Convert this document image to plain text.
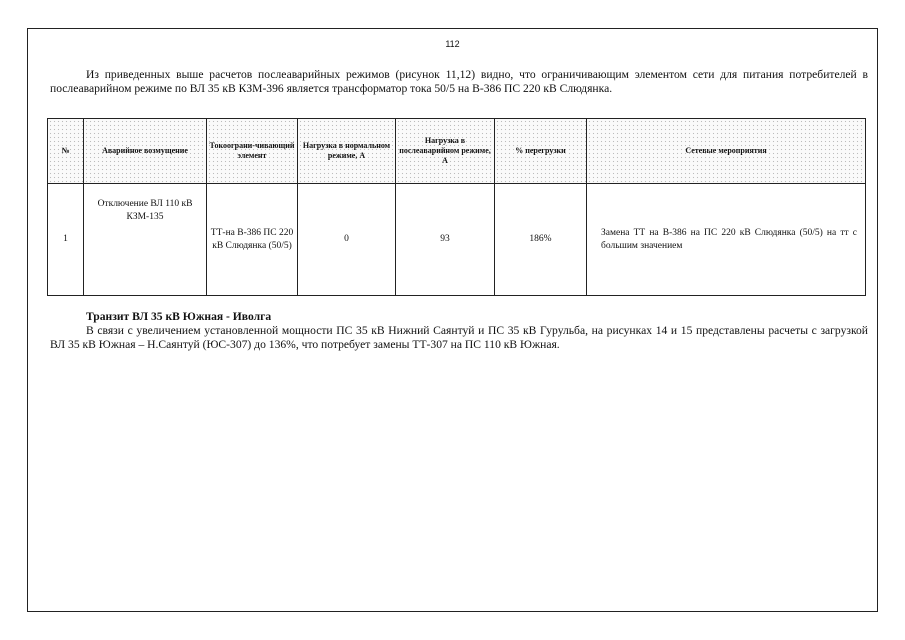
112
Из приведенных выше расчетов послеаварийных режимов (рисунок 11,12) видно, что ограничивающим элементом сети для питания потребителей в послеаварийном режиме по ВЛ 35 кВ КЗМ-396 является трансформатор тока 50/5 на В-386 ПС 220 кВ Слюдянка.
№	Аварийное возмущение	Токоограни-чивающий элемент	Нагрузка в нормальном режиме, А	Нагрузка в послеаварийном режиме, А	% перегрузки	Сетевые мероприятия
1	Отключение ВЛ 110 кВ КЗМ-135	ТТ-на В-386 ПС 220 кВ Слюдянка (50/5)	0	93	186%	Замена ТТ на В-386 на ПС 220 кВ Слюдянка (50/5) на тт с большим значением
Транзит ВЛ 35 кВ Южная - Иволга
В связи с увеличением установленной мощности ПС 35 кВ Нижний Саянтуй и ПС 35 кВ Гурульба, на рисунках 14 и 15 представлены расчеты с загрузкой ВЛ 35 кВ Южная – Н.Саянтуй (ЮС-307) до 136%, что потребует замены ТТ-307 на ПС 110 кВ Южная.
